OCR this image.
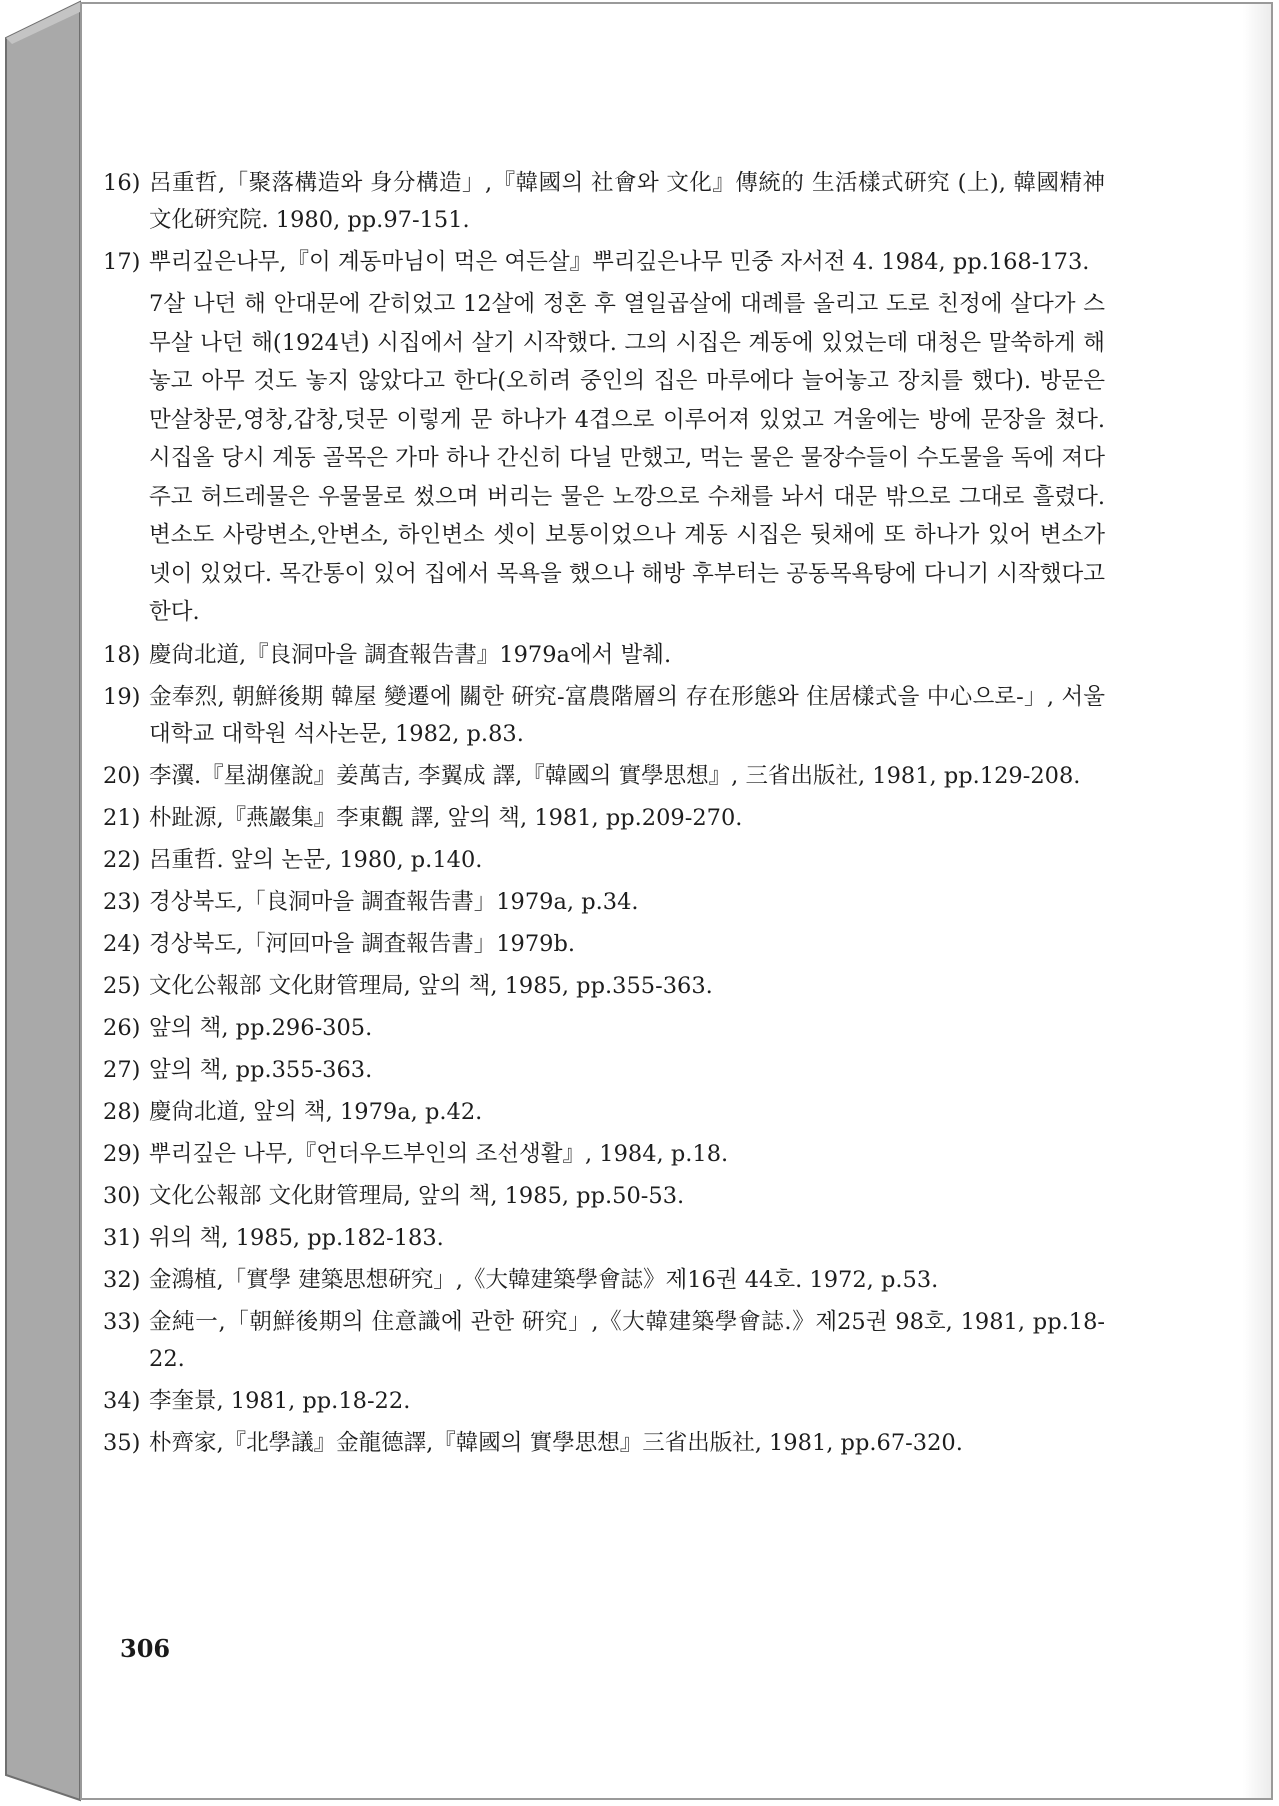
16) 呂重哲,「聚落構造와 身分構造」,『韓國의 社會와 文化』傳統的 生活樣式硏究 (上), 韓國精神文化硏究院. 1980, pp.97-151.

17) 뿌리깊은나무,『이 계동마님이 먹은 여든살』뿌리깊은나무 민중 자서전 4. 1984, pp.168-173.

7살 나던 해 안대문에 갇히었고 12살에 정혼 후 열일곱살에 대례를 올리고 도로 친정에 살다가 스무살 나던 해(1924년) 시집에서 살기 시작했다. 그의 시집은 계동에 있었는데 대청은 말쑥하게 해 놓고 아무 것도 놓지 않았다고 한다(오히려 중인의 집은 마루에다 늘어놓고 장치를 했다). 방문은 만살창문,영창,갑창,덧문 이렇게 문 하나가 4겹으로 이루어져 있었고 겨울에는 방에 문장을 쳤다. 시집올 당시 계동 골목은 가마 하나 간신히 다닐 만했고, 먹는 물은 물장수들이 수도물을 독에 져다주고 허드레물은 우물물로 썼으며 버리는 물은 노깡으로 수채를 놔서 대문 밖으로 그대로 흘렸다. 변소도 사랑변소,안변소, 하인변소 셋이 보통이었으나 계동 시집은 뒷채에 또 하나가 있어 변소가 넷이 있었다. 목간통이 있어 집에서 목욕을 했으나 해방 후부터는 공동목욕탕에 다니기 시작했다고 한다.

18) 慶尙北道,『良洞마을 調査報告書』1979a에서 발췌.

19) 金奉烈, 朝鮮後期 韓屋 變遷에 關한 硏究-富農階層의 存在形態와 住居樣式을 中心으로-」, 서울대학교 대학원 석사논문, 1982, p.83.

20) 李瀷.『星湖僿說』姜萬吉, 李翼成 譯,『韓國의 實學思想』, 三省出版社, 1981, pp.129-208.

21) 朴趾源,『燕巖集』李東觀 譯, 앞의 책, 1981, pp.209-270.

22) 呂重哲. 앞의 논문, 1980, p.140.

23) 경상북도,「良洞마을 調査報告書」1979a, p.34.

24) 경상북도,「河回마을 調査報告書」1979b.

25) 文化公報部 文化財管理局, 앞의 책, 1985, pp.355-363.

26) 앞의 책, pp.296-305.

27) 앞의 책, pp.355-363.

28) 慶尙北道, 앞의 책, 1979a, p.42.

29) 뿌리깊은 나무,『언더우드부인의 조선생활』, 1984, p.18.

30) 文化公報部 文化財管理局, 앞의 책, 1985, pp.50-53.

31) 위의 책, 1985, pp.182-183.

32) 金鴻植,「實學 建築思想硏究」,《大韓建築學會誌》제16권 44호. 1972, p.53.

33) 金純一,「朝鮮後期의 住意識에 관한 硏究」,《大韓建築學會誌.》제25권 98호, 1981, pp.18-22.

34) 李奎景, 1981, pp.18-22.

35) 朴齊家,『北學議』金龍德譯,『韓國의 實學思想』三省出版社, 1981, pp.67-320.

306
